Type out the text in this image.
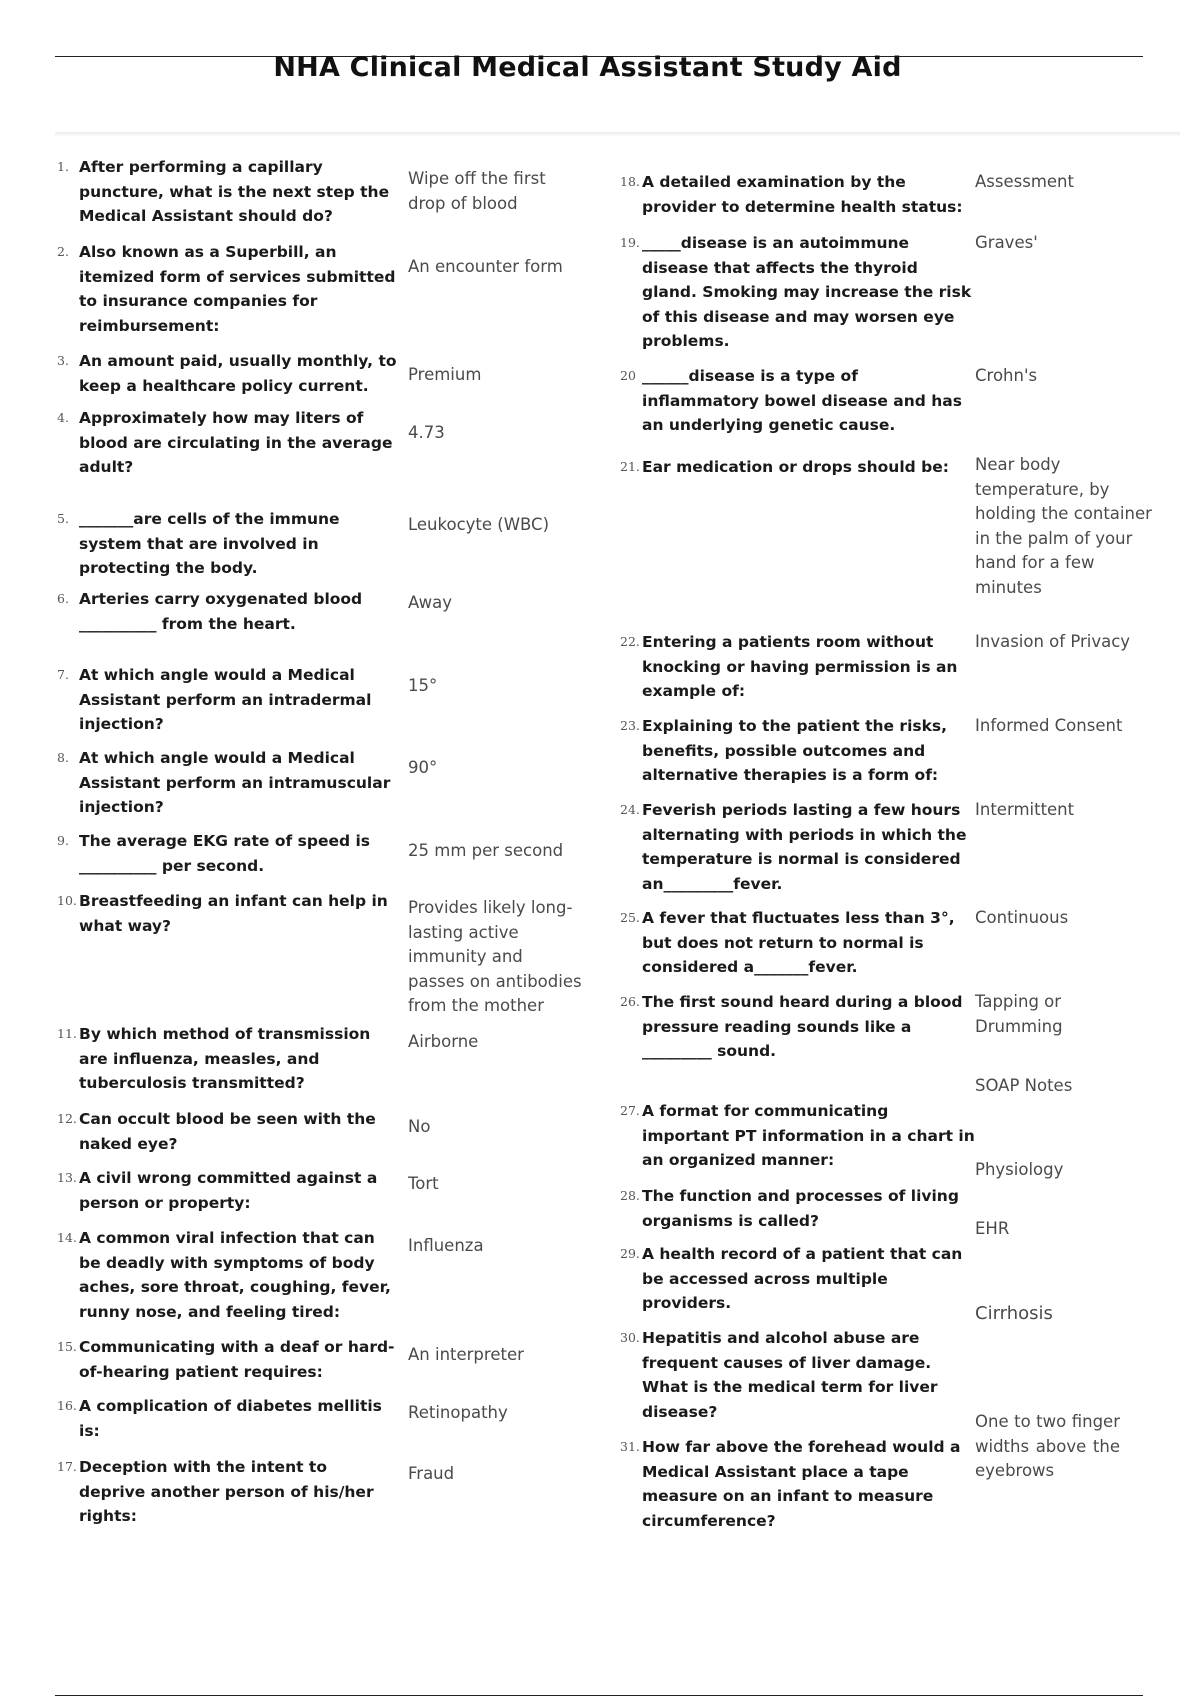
NHA Clinical Medical Assistant Study Aid
1. After performing a capillary puncture, what is the next step the Medical Assistant should do?
Wipe off the first drop of blood
2. Also known as a Superbill, an itemized form of services submitted to insurance companies for reimbursement:
An encounter form
3. An amount paid, usually monthly, to keep a healthcare policy current.
Premium
4. Approximately how may liters of blood are circulating in the average adult?
4.73
5. _______are cells of the immune system that are involved in protecting the body.
Leukocyte (WBC)
6. Arteries carry oxygenated blood __________ from the heart.
Away
7. At which angle would a Medical Assistant perform an intradermal injection?
15°
8. At which angle would a Medical Assistant perform an intramuscular injection?
90°
9. The average EKG rate of speed is __________ per second.
25 mm per second
10. Breastfeeding an infant can help in what way?
Provides likely long- lasting active immunity and passes on antibodies from the mother
11. By which method of transmission are influenza, measles, and tuberculosis transmitted?
Airborne
12. Can occult blood be seen with the naked eye?
No
13. A civil wrong committed against a person or property:
Tort
14. A common viral infection that can be deadly with symptoms of body aches, sore throat, coughing, fever, runny nose, and feeling tired:
Influenza
15. Communicating with a deaf or hard-of-hearing patient requires:
An interpreter
16. A complication of diabetes mellitis is:
Retinopathy
17. Deception with the intent to deprive another person of his/her rights:
Fraud
18. A detailed examination by the provider to determine health status:
Assessment
19. _____disease is an autoimmune disease that affects the thyroid gland. Smoking may increase the risk of this disease and may worsen eye problems.
Graves'
20 ______disease is a type of inflammatory bowel disease and has an underlying genetic cause.
Crohn's
21. Ear medication or drops should be:	Near body temperature, by holding the container in the palm of your hand for a few minutes
22. Entering a patients room without knocking or having permission is an example of:
Invasion of Privacy
23. Explaining to the patient the risks, benefits, possible outcomes and alternative therapies is a form of:
Informed Consent
24. Feverish periods lasting a few hours alternating with periods in which the temperature is normal is considered an_________fever.
Intermittent
25. A fever that fluctuates less than 3°, but does not return to normal is considered a_______fever.
Continuous
26. The first sound heard during a blood pressure reading sounds like a _________ sound.
Tapping or Drumming
27. A format for communicating important PT information in a chart in an organized manner:
SOAP Notes
28. The function and processes of living organisms is called?
Physiology
29. A health record of a patient that can be accessed across multiple providers.
EHR
30. Hepatitis and alcohol abuse are frequent causes of liver damage. What is the medical term for liver disease?
Cirrhosis
31. How far above the forehead would a Medical Assistant place a tape measure on an infant to measure circumference?
One to two finger widths above the eyebrows
